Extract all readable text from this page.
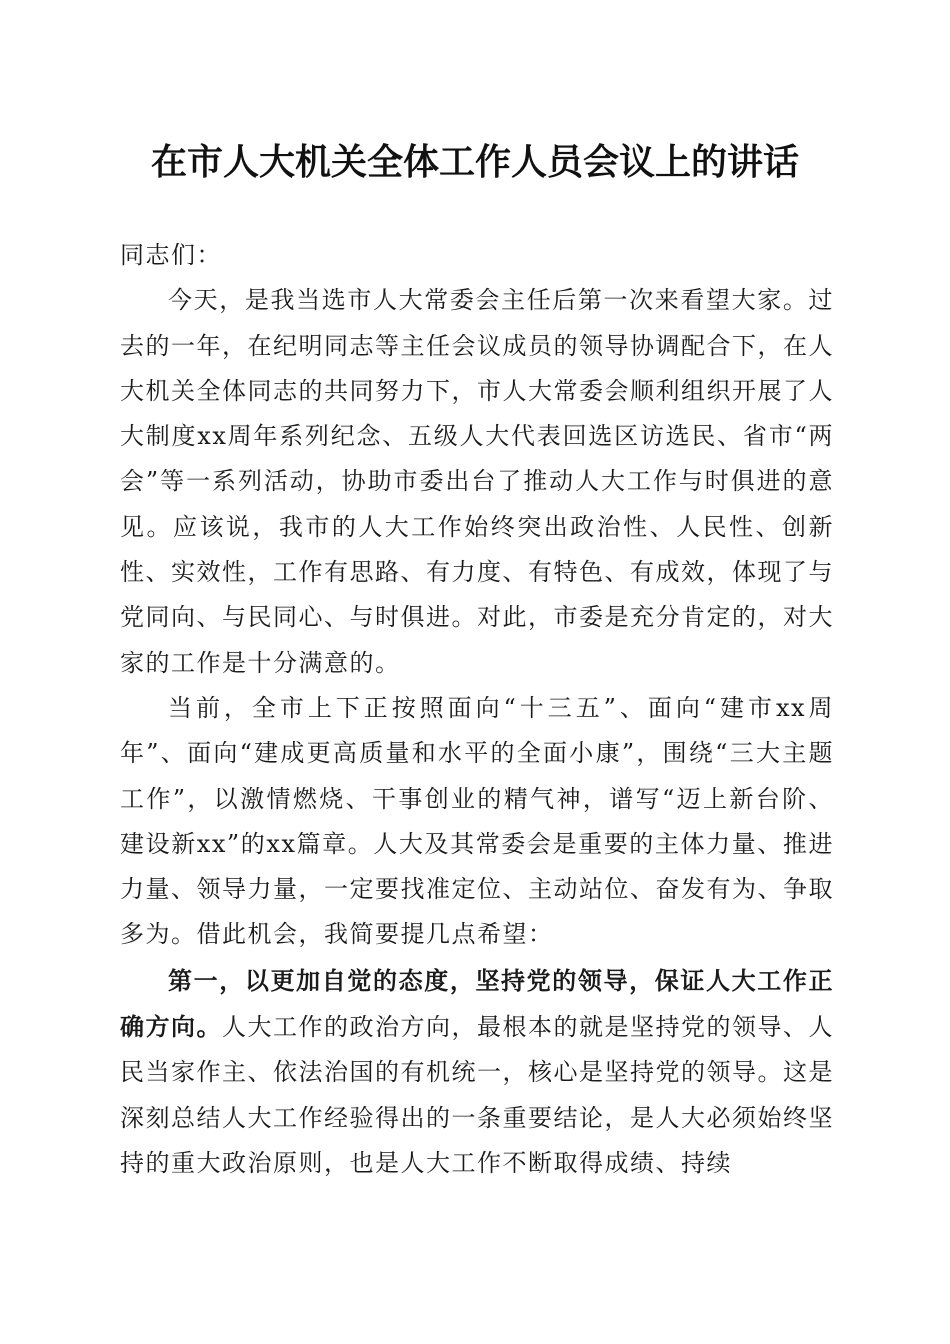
在市人大机关全体工作人员会议上的讲话

同志们：

今天，是我当选市人大常委会主任后第一次来看望大家。过去的一年，在纪明同志等主任会议成员的领导协调配合下，在人大机关全体同志的共同努力下，市人大常委会顺利组织开展了人大制度xx周年系列纪念、五级人大代表回选区访选民、省市“两会”等一系列活动，协助市委出台了推动人大工作与时俱进的意见。应该说，我市的人大工作始终突出政治性、人民性、创新性、实效性，工作有思路、有力度、有特色、有成效，体现了与党同向、与民同心、与时俱进。对此，市委是充分肯定的，对大家的工作是十分满意的。

当前，全市上下正按照面向“十三五”、面向“建市xx周年”、面向“建成更高质量和水平的全面小康”，围绕“三大主题工作”，以激情燃烧、干事创业的精气神，谱写“迈上新台阶、建设新xx”的xx篇章。人大及其常委会是重要的主体力量、推进力量、领导力量，一定要找准定位、主动站位、奋发有为、争取多为。借此机会，我简要提几点希望：

第一，以更加自觉的态度，坚持党的领导，保证人大工作正确方向。人大工作的政治方向，最根本的就是坚持党的领导、人民当家作主、依法治国的有机统一，核心是坚持党的领导。这是深刻总结人大工作经验得出的一条重要结论，是人大必须始终坚持的重大政治原则，也是人大工作不断取得成绩、持续
